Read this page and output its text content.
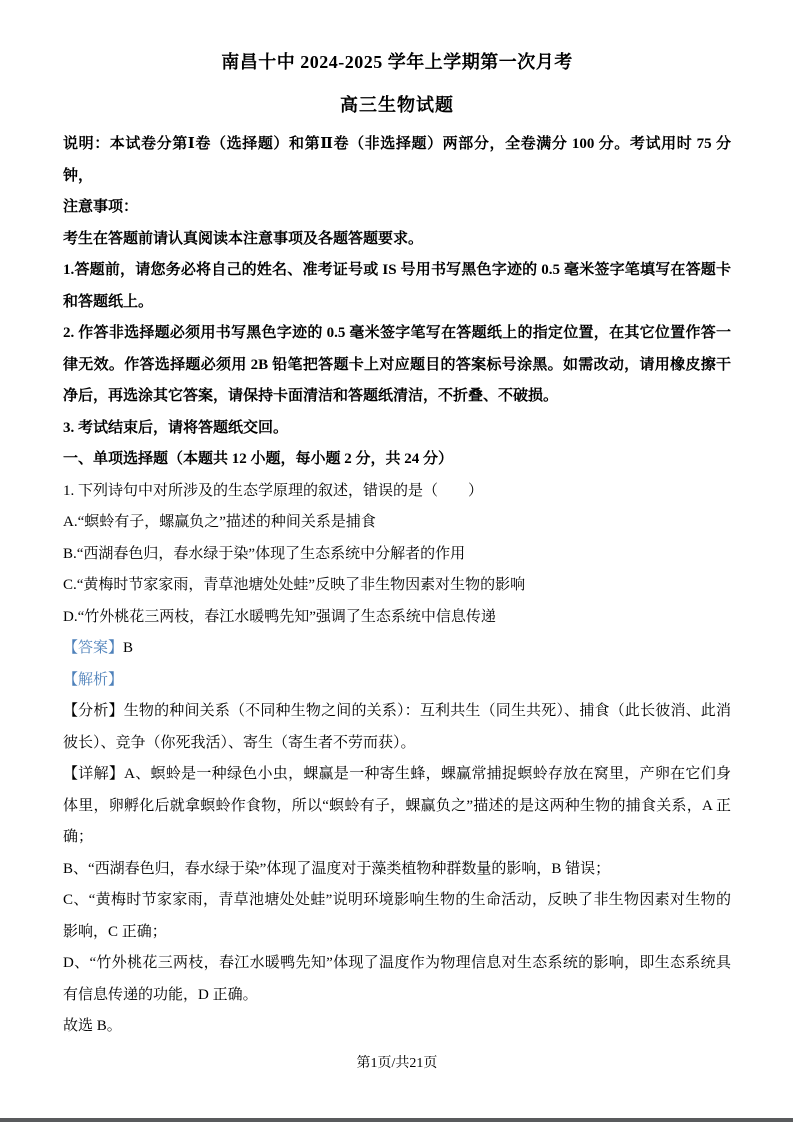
南昌十中 2024-2025 学年上学期第一次月考
高三生物试题

说明：本试卷分第Ⅰ卷（选择题）和第Ⅱ卷（非选择题）两部分，全卷满分 100 分。考试用时 75 分钟，

注意事项：

考生在答题前请认真阅读本注意事项及各题答题要求。

1.答题前，请您务必将自己的姓名、准考证号或 IS 号用书写黑色字迹的 0.5 毫米签字笔填写在答题卡和答题纸上。

2. 作答非选择题必须用书写黑色字迹的 0.5 毫米签字笔写在答题纸上的指定位置，在其它位置作答一律无效。作答选择题必须用 2B 铅笔把答题卡上对应题目的答案标号涂黑。如需改动，请用橡皮擦干净后，再选涂其它答案，请保持卡面清洁和答题纸清洁，不折叠、不破损。

3. 考试结束后，请将答题纸交回。

一、单项选择题（本题共 12 小题，每小题 2 分，共 24 分）

1. 下列诗句中对所涉及的生态学原理的叙述，错误的是（　　）

A.“螟蛉有子，螺赢负之”描述的种间关系是捕食

B.“西湖春色归，春水绿于染”体现了生态系统中分解者的作用

C.“黄梅时节家家雨，青草池塘处处蛙”反映了非生物因素对生物的影响

D.“竹外桃花三两枝，春江水暖鸭先知”强调了生态系统中信息传递

【答案】B

【解析】

【分析】生物的种间关系（不同种生物之间的关系）：互利共生（同生共死）、捕食（此长彼消、此消彼长）、竞争（你死我活）、寄生（寄生者不劳而获）。

【详解】A、螟蛉是一种绿色小虫，蜾赢是一种寄生蜂，蜾赢常捕捉螟蛉存放在窝里，产卵在它们身体里，卵孵化后就拿螟蛉作食物，所以“螟蛉有子，蜾赢负之”描述的是这两种生物的捕食关系，A 正确；

B、“西湖春色归，春水绿于染”体现了温度对于藻类植物种群数量的影响，B 错误；

C、“黄梅时节家家雨，青草池塘处处蛙”说明环境影响生物的生命活动，反映了非生物因素对生物的影响，C 正确；

D、“竹外桃花三两枝，春江水暖鸭先知”体现了温度作为物理信息对生态系统的影响，即生态系统具有信息传递的功能，D 正确。

故选 B。

第1页/共21页
